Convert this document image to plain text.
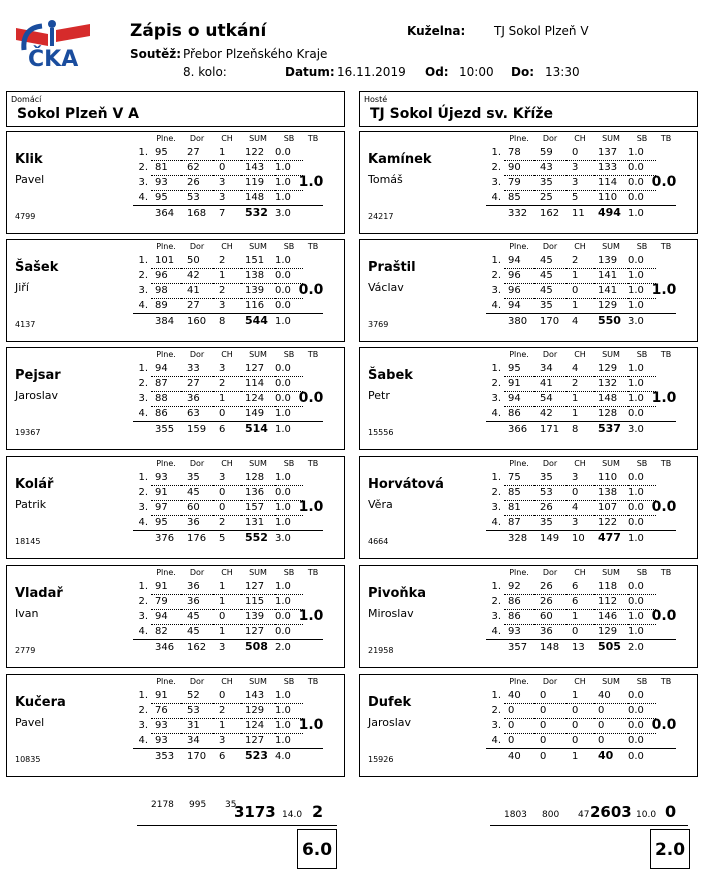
ČKA
Zápis o utkání	Kuželna: TJ Sokol Plzeň V
Soutěž: Přebor Plzeňského Kraje
8. kolo:	Datum: 16.11.2019 Od: 10:00 Do: 13:30
Domácí
Sokol Plzeň V A
Hosté
TJ Sokol Újezd sv. Kříže
Klik
Pavel
4799
1.0
	Plne.	Dor	CH	SUM	SB	TB
1.	95	27	1	122	0.0	
2.	81	62	0	143	1.0	
3.	93	26	3	119	1.0	
4.	95	53	3	148	1.0	
	364	168	7	532	3.0	
Šašek
Jiří
4137
0.0
	Plne.	Dor	CH	SUM	SB	TB
1.	101	50	2	151	1.0	
2.	96	42	1	138	0.0	
3.	98	41	2	139	0.0	
4.	89	27	3	116	0.0	
	384	160	8	544	1.0	
Pejsar
Jaroslav
19367
0.0
	Plne.	Dor	CH	SUM	SB	TB
1.	94	33	3	127	0.0	
2.	87	27	2	114	0.0	
3.	88	36	1	124	0.0	
4.	86	63	0	149	1.0	
	355	159	6	514	1.0	
Kolář
Patrik
18145
1.0
	Plne.	Dor	CH	SUM	SB	TB
1.	93	35	3	128	1.0	
2.	91	45	0	136	0.0	
3.	97	60	0	157	1.0	
4.	95	36	2	131	1.0	
	376	176	5	552	3.0	
Vladař
Ivan
2779
1.0
	Plne.	Dor	CH	SUM	SB	TB
1.	91	36	1	127	1.0	
2.	79	36	1	115	1.0	
3.	94	45	0	139	0.0	
4.	82	45	1	127	0.0	
	346	162	3	508	2.0	
Kučera
Pavel
10835
1.0
	Plne.	Dor	CH	SUM	SB	TB
1.	91	52	0	143	1.0	
2.	76	53	2	129	1.0	
3.	93	31	1	124	1.0	
4.	93	34	3	127	1.0	
	353	170	6	523	4.0	
Kamínek
Tomáš
24217
0.0
	Plne.	Dor	CH	SUM	SB	TB
1.	78	59	0	137	1.0	
2.	90	43	3	133	0.0	
3.	79	35	3	114	0.0	
4.	85	25	5	110	0.0	
	332	162	11	494	1.0	
Praštil
Václav
3769
1.0
	Plne.	Dor	CH	SUM	SB	TB
1.	94	45	2	139	0.0	
2.	96	45	1	141	1.0	
3.	96	45	0	141	1.0	
4.	94	35	1	129	1.0	
	380	170	4	550	3.0	
Šabek
Petr
15556
1.0
	Plne.	Dor	CH	SUM	SB	TB
1.	95	34	4	129	1.0	
2.	91	41	2	132	1.0	
3.	94	54	1	148	1.0	
4.	86	42	1	128	0.0	
	366	171	8	537	3.0	
Horvátová
Věra
4664
0.0
	Plne.	Dor	CH	SUM	SB	TB
1.	75	35	3	110	0.0	
2.	85	53	0	138	1.0	
3.	81	26	4	107	0.0	
4.	87	35	3	122	0.0	
	328	149	10	477	1.0	
Pivoňka
Miroslav
21958
0.0
	Plne.	Dor	CH	SUM	SB	TB
1.	92	26	6	118	0.0	
2.	86	26	6	112	0.0	
3.	86	60	1	146	1.0	
4.	93	36	0	129	1.0	
	357	148	13	505	2.0	
Dufek
Jaroslav
15926
0.0
	Plne.	Dor	CH	SUM	SB	TB
1.	40	0	1	40	0.0	
2.	0	0	0	0	0.0	
3.	0	0	0	0	0.0	
4.	0	0	0	0	0.0	
	40	0	1	40	0.0	
2178 995 35
3173 14.0 2
6.0
1803 800 47 2603 10.0 0
2.0
